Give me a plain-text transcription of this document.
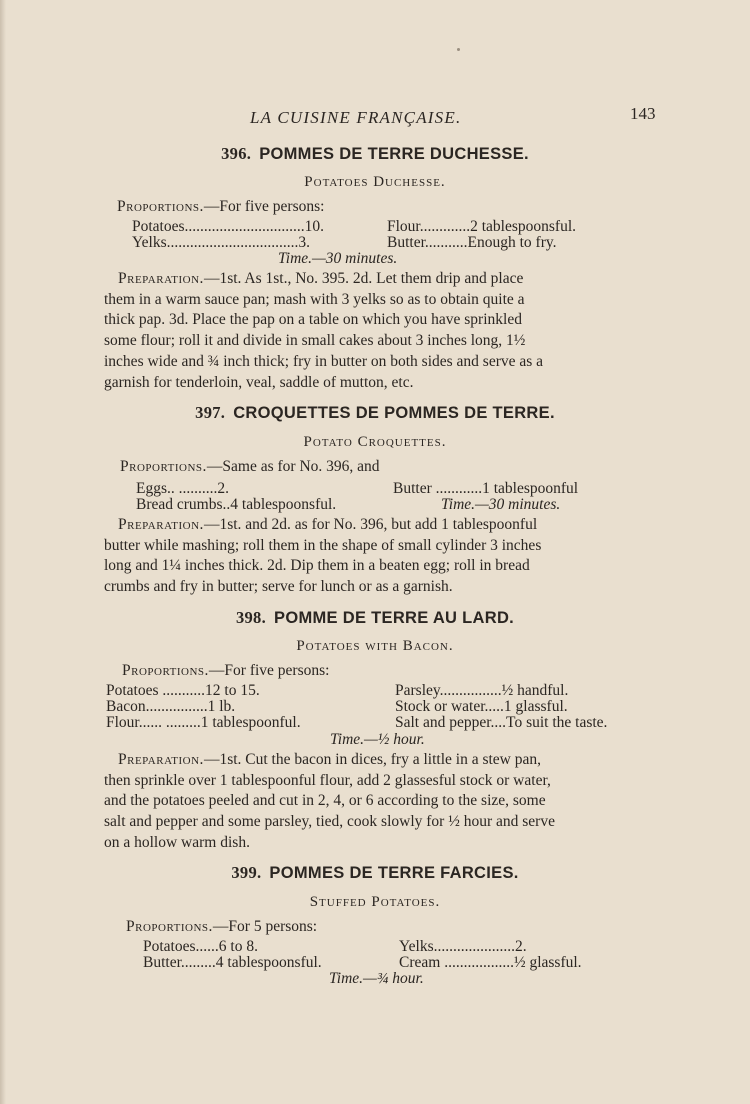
LA CUISINE FRANÇAISE.	143
396. POMMES DE TERRE DUCHESSE.
Potatoes Duchesse.
Proportions.—For five persons:
Potatoes...............................10.	Flour.............2 tablespoonsful.
Yelks..................................3.	Butter...........Enough to fry.
Time.—30 minutes.
Preparation.—1st. As 1st., No. 395. 2d. Let them drip and place
them in a warm sauce pan; mash with 3 yelks so as to obtain quite a
thick pap. 3d. Place the pap on a table on which you have sprinkled
some flour; roll it and divide in small cakes about 3 inches long, 1½
inches wide and ¾ inch thick; fry in butter on both sides and serve as a
garnish for tenderloin, veal, saddle of mutton, etc.
397. CROQUETTES DE POMMES DE TERRE.
Potato Croquettes.
Proportions.—Same as for No. 396, and
Eggs.. ..........2.	Butter ............1 tablespoonful
Bread crumbs..4 tablespoonsful.	Time.—30 minutes.
Preparation.—1st. and 2d. as for No. 396, but add 1 tablespoonful
butter while mashing; roll them in the shape of small cylinder 3 inches
long and 1¼ inches thick. 2d. Dip them in a beaten egg; roll in bread
crumbs and fry in butter; serve for lunch or as a garnish.
398. POMME DE TERRE AU LARD.
Potatoes with Bacon.
Proportions.—For five persons:
Potatoes ...........12 to 15.	Parsley................½ handful.
Bacon................1 lb.	Stock or water.....1 glassful.
Flour...... .........1 tablespoonful.	Salt and pepper....To suit the taste.
Time.—½ hour.
Preparation.—1st. Cut the bacon in dices, fry a little in a stew pan,
then sprinkle over 1 tablespoonful flour, add 2 glassesful stock or water,
and the potatoes peeled and cut in 2, 4, or 6 according to the size, some
salt and pepper and some parsley, tied, cook slowly for ½ hour and serve
on a hollow warm dish.
399. POMMES DE TERRE FARCIES.
Stuffed Potatoes.
Proportions.—For 5 persons:
Potatoes......6 to 8.	Yelks.....................2.
Butter.........4 tablespoonsful.	Cream ..................½ glassful.
Time.—¾ hour.
